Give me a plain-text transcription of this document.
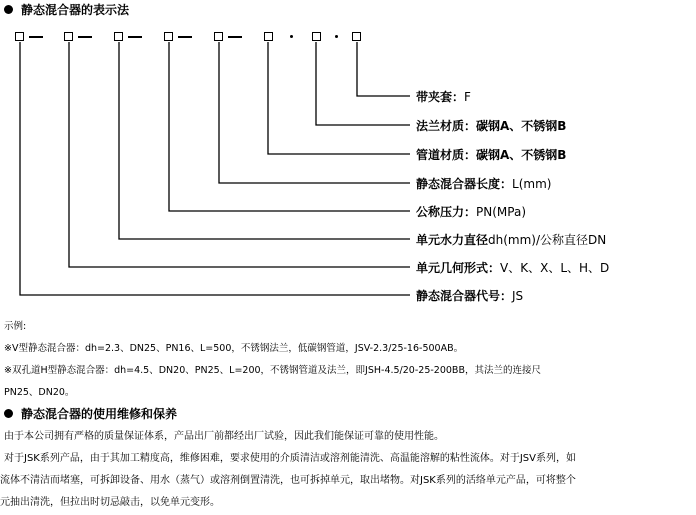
静态混合器的表示法
带夹套：F
法兰材质：碳钢A、不锈钢B
管道材质：碳钢A、不锈钢B
静态混合器长度：L(mm)
公称压力：PN(MPa)
单元水力直径dh(mm)/公称直径DN
单元几何形式：V、K、X、L、H、D
静态混合器代号：JS
示例:
※V型静态混合器：dh=2.3、DN25、PN16、L=500，不锈钢法兰，低碳钢管道，JSV-2.3/25-16-500AB。
※双孔道H型静态混合器：dh=4.5、DN20、PN25、L=200，不锈钢管道及法兰，即JSH-4.5/20-25-200BB，其法兰的连接尺
PN25、DN20。
静态混合器的使用维修和保养
由于本公司拥有严格的质量保证体系，产品出厂前都经出厂试验，因此我们能保证可靠的使用性能。
对于JSK系列产品，由于其加工精度高，维修困难，要求使用的介质清洁或溶剂能清洗、高温能溶解的粘性流体。对于JSV系列，如
流体不清洁而堵塞，可拆卸设备、用水（蒸气）或溶剂倒置清洗，也可拆掉单元，取出堵物。对JSK系列的活络单元产品，可将整个
元抽出清洗，但拉出时切忌敲击，以免单元变形。
